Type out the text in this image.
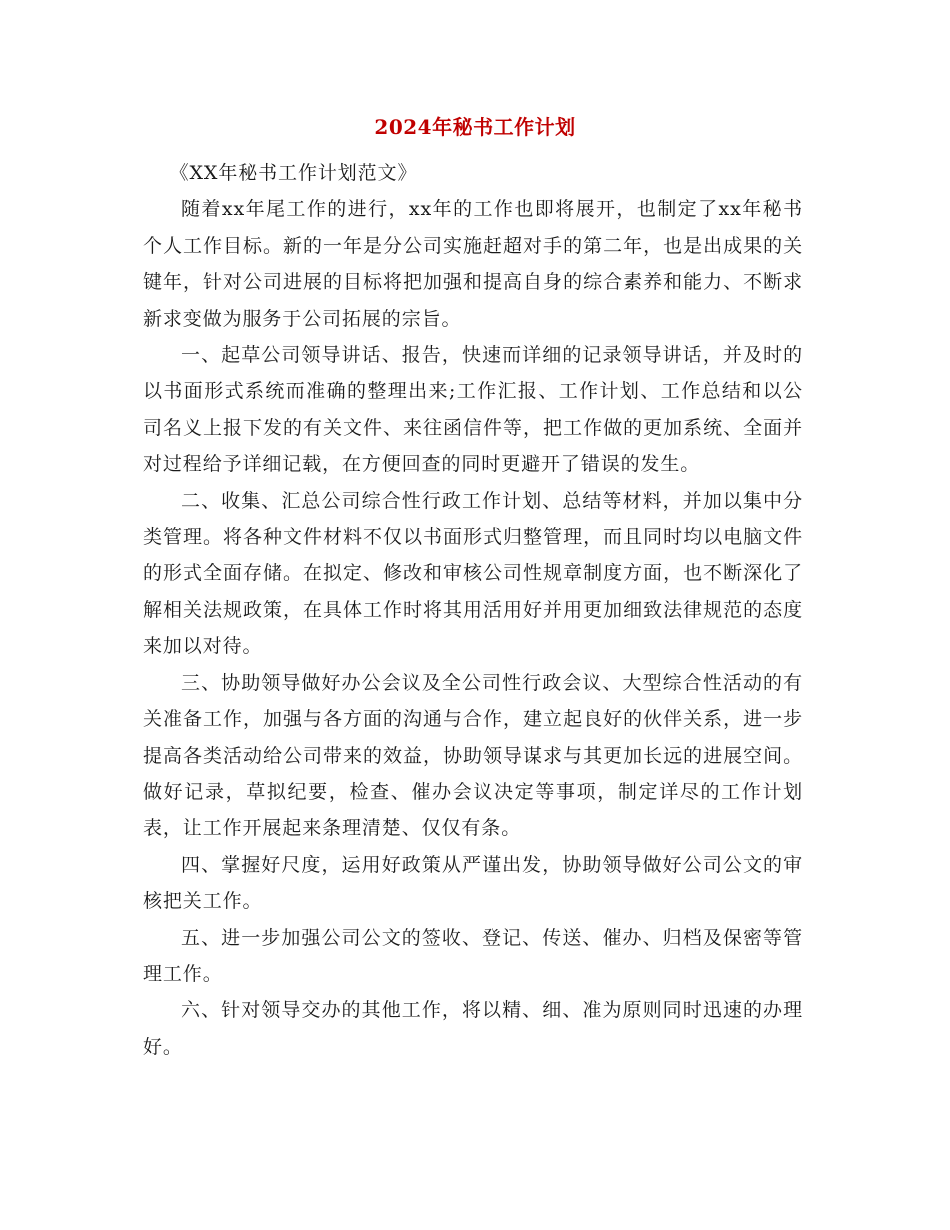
2024年秘书工作计划

《XX年秘书工作计划范文》

随着xx年尾工作的进行，xx年的工作也即将展开，也制定了xx年秘书个人工作目标。新的一年是分公司实施赶超对手的第二年，也是出成果的关键年，针对公司进展的目标将把加强和提高自身的综合素养和能力、不断求新求变做为服务于公司拓展的宗旨。

一、起草公司领导讲话、报告，快速而详细的记录领导讲话，并及时的以书面形式系统而准确的整理出来;工作汇报、工作计划、工作总结和以公司名义上报下发的有关文件、来往函信件等，把工作做的更加系统、全面并对过程给予详细记载，在方便回查的同时更避开了错误的发生。

二、收集、汇总公司综合性行政工作计划、总结等材料，并加以集中分类管理。将各种文件材料不仅以书面形式归整管理，而且同时均以电脑文件的形式全面存储。在拟定、修改和审核公司性规章制度方面，也不断深化了解相关法规政策，在具体工作时将其用活用好并用更加细致法律规范的态度来加以对待。

三、协助领导做好办公会议及全公司性行政会议、大型综合性活动的有关准备工作，加强与各方面的沟通与合作，建立起良好的伙伴关系，进一步提高各类活动给公司带来的效益，协助领导谋求与其更加长远的进展空间。做好记录，草拟纪要，检查、催办会议决定等事项，制定详尽的工作计划表，让工作开展起来条理清楚、仅仅有条。

四、掌握好尺度，运用好政策从严谨出发，协助领导做好公司公文的审核把关工作。

五、进一步加强公司公文的签收、登记、传送、催办、归档及保密等管理工作。

六、针对领导交办的其他工作，将以精、细、准为原则同时迅速的办理好。
